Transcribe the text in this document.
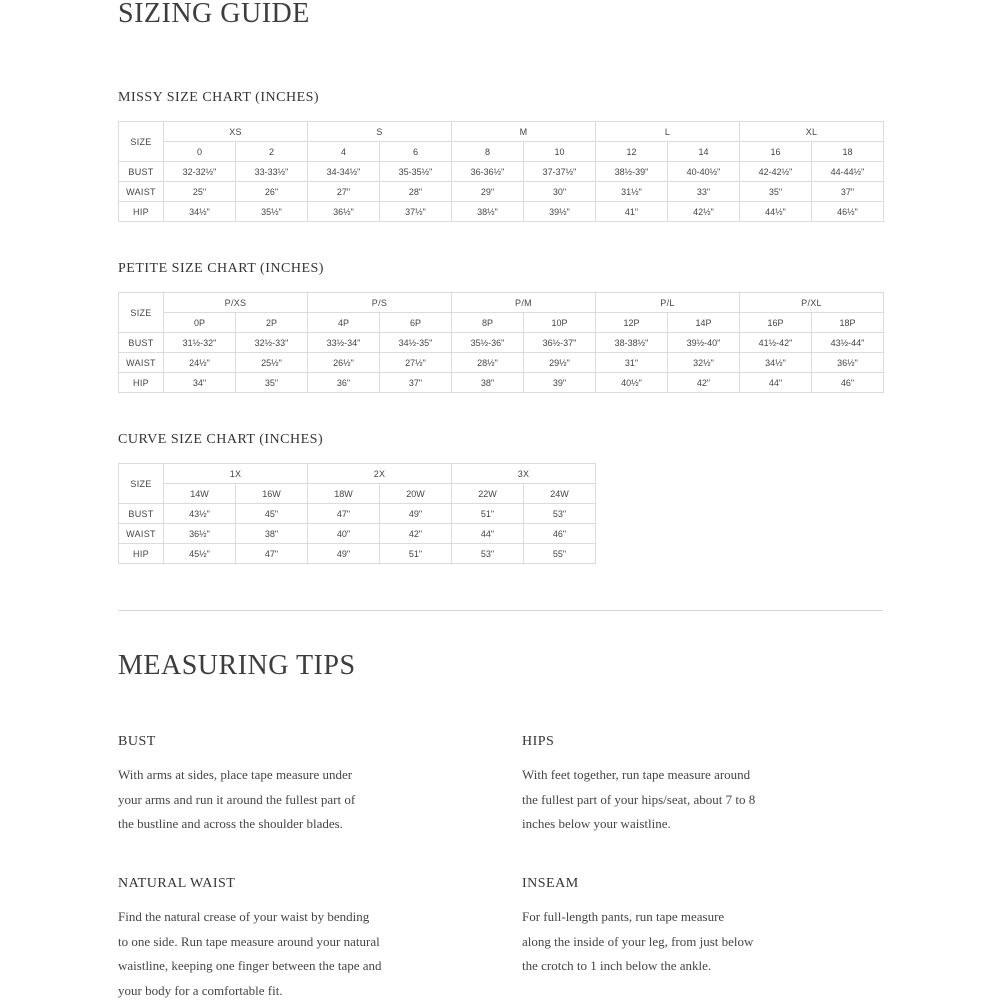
SIZING GUIDE
MISSY SIZE CHART (INCHES)
SIZE	XS		S		M		L		XL	
	0	2	4	6	8	10	12	14	16	18
BUST	32-32½"	33-33½"	34-34½"	35-35½"	36-36½"	37-37½"	38½-39"	40-40½"	42-42½"	44-44½"
WAIST	25"	26"	27"	28"	29"	30"	31½"	33"	35"	37"
HIP	34½"	35½"	36½"	37½"	38½"	39½"	41"	42½"	44½"	46½"
PETITE SIZE CHART (INCHES)
SIZE	P/XS		P/S		P/M		P/L		P/XL	
	0P	2P	4P	6P	8P	10P	12P	14P	16P	18P
BUST	31½-32"	32½-33"	33½-34"	34½-35"	35½-36"	36½-37"	38-38½"	39½-40"	41½-42"	43½-44"
WAIST	24½"	25½"	26½"	27½"	28½"	29½"	31"	32½"	34½"	36½"
HIP	34"	35"	36"	37"	38"	39"	40½"	42"	44"	46"
CURVE SIZE CHART (INCHES)
SIZE	1X		2X		3X	
	14W	16W	18W	20W	22W	24W
BUST	43½"	45"	47"	49"	51"	53"
WAIST	36½"	38"	40"	42"	44"	46"
HIP	45½"	47"	49"	51"	53"	55"
MEASURING TIPS
BUST
With arms at sides, place tape measure under
your arms and run it around the fullest part of
the bustline and across the shoulder blades.
HIPS
With feet together, run tape measure around
the fullest part of your hips/seat, about 7 to 8
inches below your waistline.
NATURAL WAIST
Find the natural crease of your waist by bending
to one side. Run tape measure around your natural
waistline, keeping one finger between the tape and
your body for a comfortable fit.
INSEAM
For full-length pants, run tape measure
along the inside of your leg, from just below
the crotch to 1 inch below the ankle.
